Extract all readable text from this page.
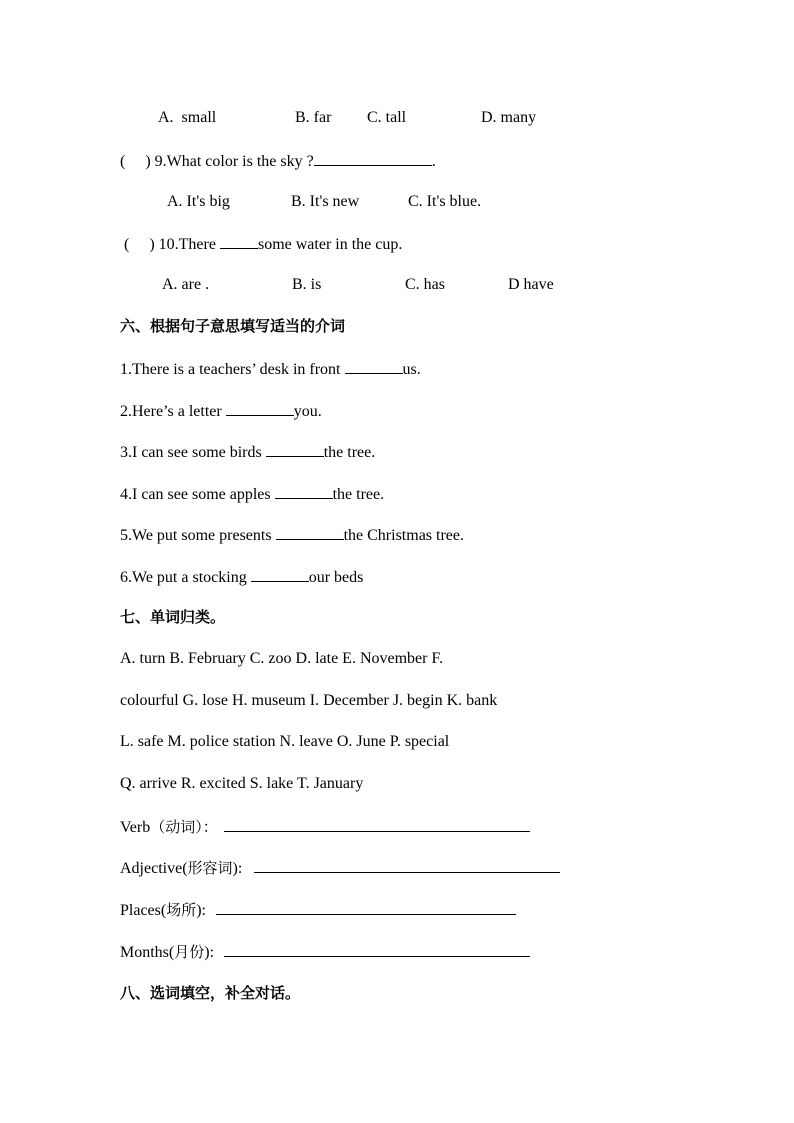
A.  small	B. far C. tall	D. many
(     ) 9.What color is the sky ?	.
A. It's big	B. It's new	C. It's blue.
(     ) 10.There some water in the cup.
A. are .	B. is	C. has	D have
六、根据句子意思填写适当的介词
1.There is a teachers’ desk in front	us.
2.Here’s a letter	you.
3.I can see some birds	the tree.
4.I can see some apples	the tree.
5.We put some presents	the Christmas tree.
6.We put a stocking	our beds
七、单词归类。
A. turn B. February C. zoo D. late E. November F.
colourful G. lose H. museum I. December J. begin K. bank
L. safe M. police station N. leave O. June P. special
Q. arrive R. excited S. lake T. January
Verb（动词）：
Adjective(形容词):
Places(场所):
Months(月份):
八、选词填空，补全对话。
